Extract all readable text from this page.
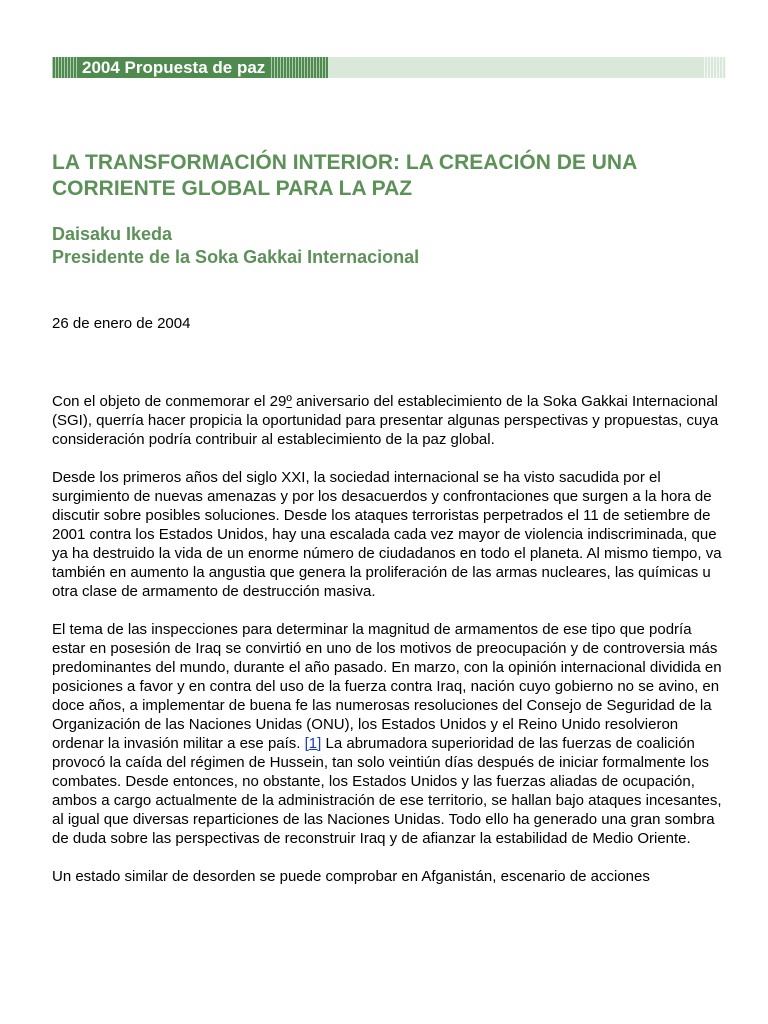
2004 Propuesta de paz
LA TRANSFORMACIÓN INTERIOR: LA CREACIÓN DE UNA CORRIENTE GLOBAL PARA LA PAZ
Daisaku Ikeda
Presidente de la Soka Gakkai Internacional

26 de enero de 2004

Con el objeto de conmemorar el 29º aniversario del establecimiento de la Soka Gakkai Internacional (SGI), querría hacer propicia la oportunidad para presentar algunas perspectivas y propuestas, cuya consideración podría contribuir al establecimiento de la paz global.

Desde los primeros años del siglo XXI, la sociedad internacional se ha visto sacudida por el surgimiento de nuevas amenazas y por los desacuerdos y confrontaciones que surgen a la hora de discutir sobre posibles soluciones. Desde los ataques terroristas perpetrados el 11 de setiembre de 2001 contra los Estados Unidos, hay una escalada cada vez mayor de violencia indiscriminada, que ya ha destruido la vida de un enorme número de ciudadanos en todo el planeta. Al mismo tiempo, va también en aumento la angustia que genera la proliferación de las armas nucleares, las químicas u otra clase de armamento de destrucción masiva.

El tema de las inspecciones para determinar la magnitud de armamentos de ese tipo que podría estar en posesión de Iraq se convirtió en uno de los motivos de preocupación y de controversia más predominantes del mundo, durante el año pasado. En marzo, con la opinión internacional dividida en posiciones a favor y en contra del uso de la fuerza contra Iraq, nación cuyo gobierno no se avino, en doce años, a implementar de buena fe las numerosas resoluciones del Consejo de Seguridad de la Organización de las Naciones Unidas (ONU), los Estados Unidos y el Reino Unido resolvieron ordenar la invasión militar a ese país. [1] La abrumadora superioridad de las fuerzas de coalición provocó la caída del régimen de Hussein, tan solo veintiún días después de iniciar formalmente los combates. Desde entonces, no obstante, los Estados Unidos y las fuerzas aliadas de ocupación, ambos a cargo actualmente de la administración de ese territorio, se hallan bajo ataques incesantes, al igual que diversas reparticiones de las Naciones Unidas. Todo ello ha generado una gran sombra de duda sobre las perspectivas de reconstruir Iraq y de afianzar la estabilidad de Medio Oriente.

Un estado similar de desorden se puede comprobar en Afganistán, escenario de acciones
